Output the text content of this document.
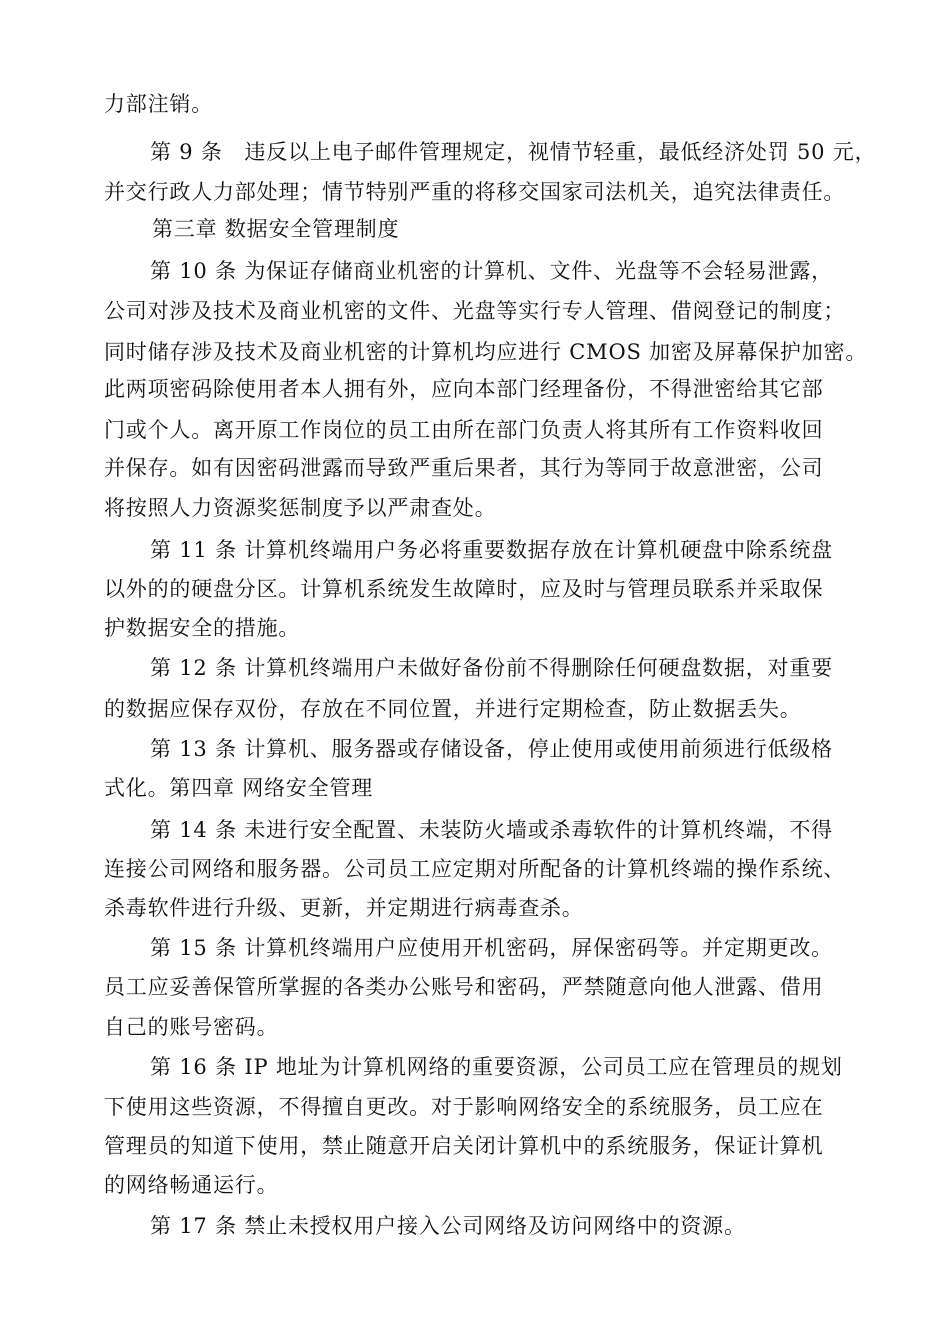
力部注销。
第 9 条　违反以上电子邮件管理规定，视情节轻重，最低经济处罚 50 元，
并交行政人力部处理；情节特别严重的将移交国家司法机关，追究法律责任。
第三章 数据安全管理制度
第 10 条 为保证存储商业机密的计算机、文件、光盘等不会轻易泄露，
公司对涉及技术及商业机密的文件、光盘等实行专人管理、借阅登记的制度；
同时储存涉及技术及商业机密的计算机均应进行 CMOS 加密及屏幕保护加密。
此两项密码除使用者本人拥有外，应向本部门经理备份，不得泄密给其它部
门或个人。离开原工作岗位的员工由所在部门负责人将其所有工作资料收回
并保存。如有因密码泄露而导致严重后果者，其行为等同于故意泄密，公司
将按照人力资源奖惩制度予以严肃查处。
第 11 条 计算机终端用户务必将重要数据存放在计算机硬盘中除系统盘
以外的的硬盘分区。计算机系统发生故障时，应及时与管理员联系并采取保
护数据安全的措施。
第 12 条 计算机终端用户未做好备份前不得删除任何硬盘数据，对重要
的数据应保存双份，存放在不同位置，并进行定期检查，防止数据丢失。
第 13 条 计算机、服务器或存储设备，停止使用或使用前须进行低级格
式化。第四章 网络安全管理
第 14 条 未进行安全配置、未装防火墙或杀毒软件的计算机终端，不得
连接公司网络和服务器。公司员工应定期对所配备的计算机终端的操作系统、
杀毒软件进行升级、更新，并定期进行病毒查杀。
第 15 条 计算机终端用户应使用开机密码，屏保密码等。并定期更改。
员工应妥善保管所掌握的各类办公账号和密码，严禁随意向他人泄露、借用
自己的账号密码。
第 16 条 IP 地址为计算机网络的重要资源，公司员工应在管理员的规划
下使用这些资源，不得擅自更改。对于影响网络安全的系统服务，员工应在
管理员的知道下使用，禁止随意开启关闭计算机中的系统服务，保证计算机
的网络畅通运行。
第 17 条 禁止未授权用户接入公司网络及访问网络中的资源。
